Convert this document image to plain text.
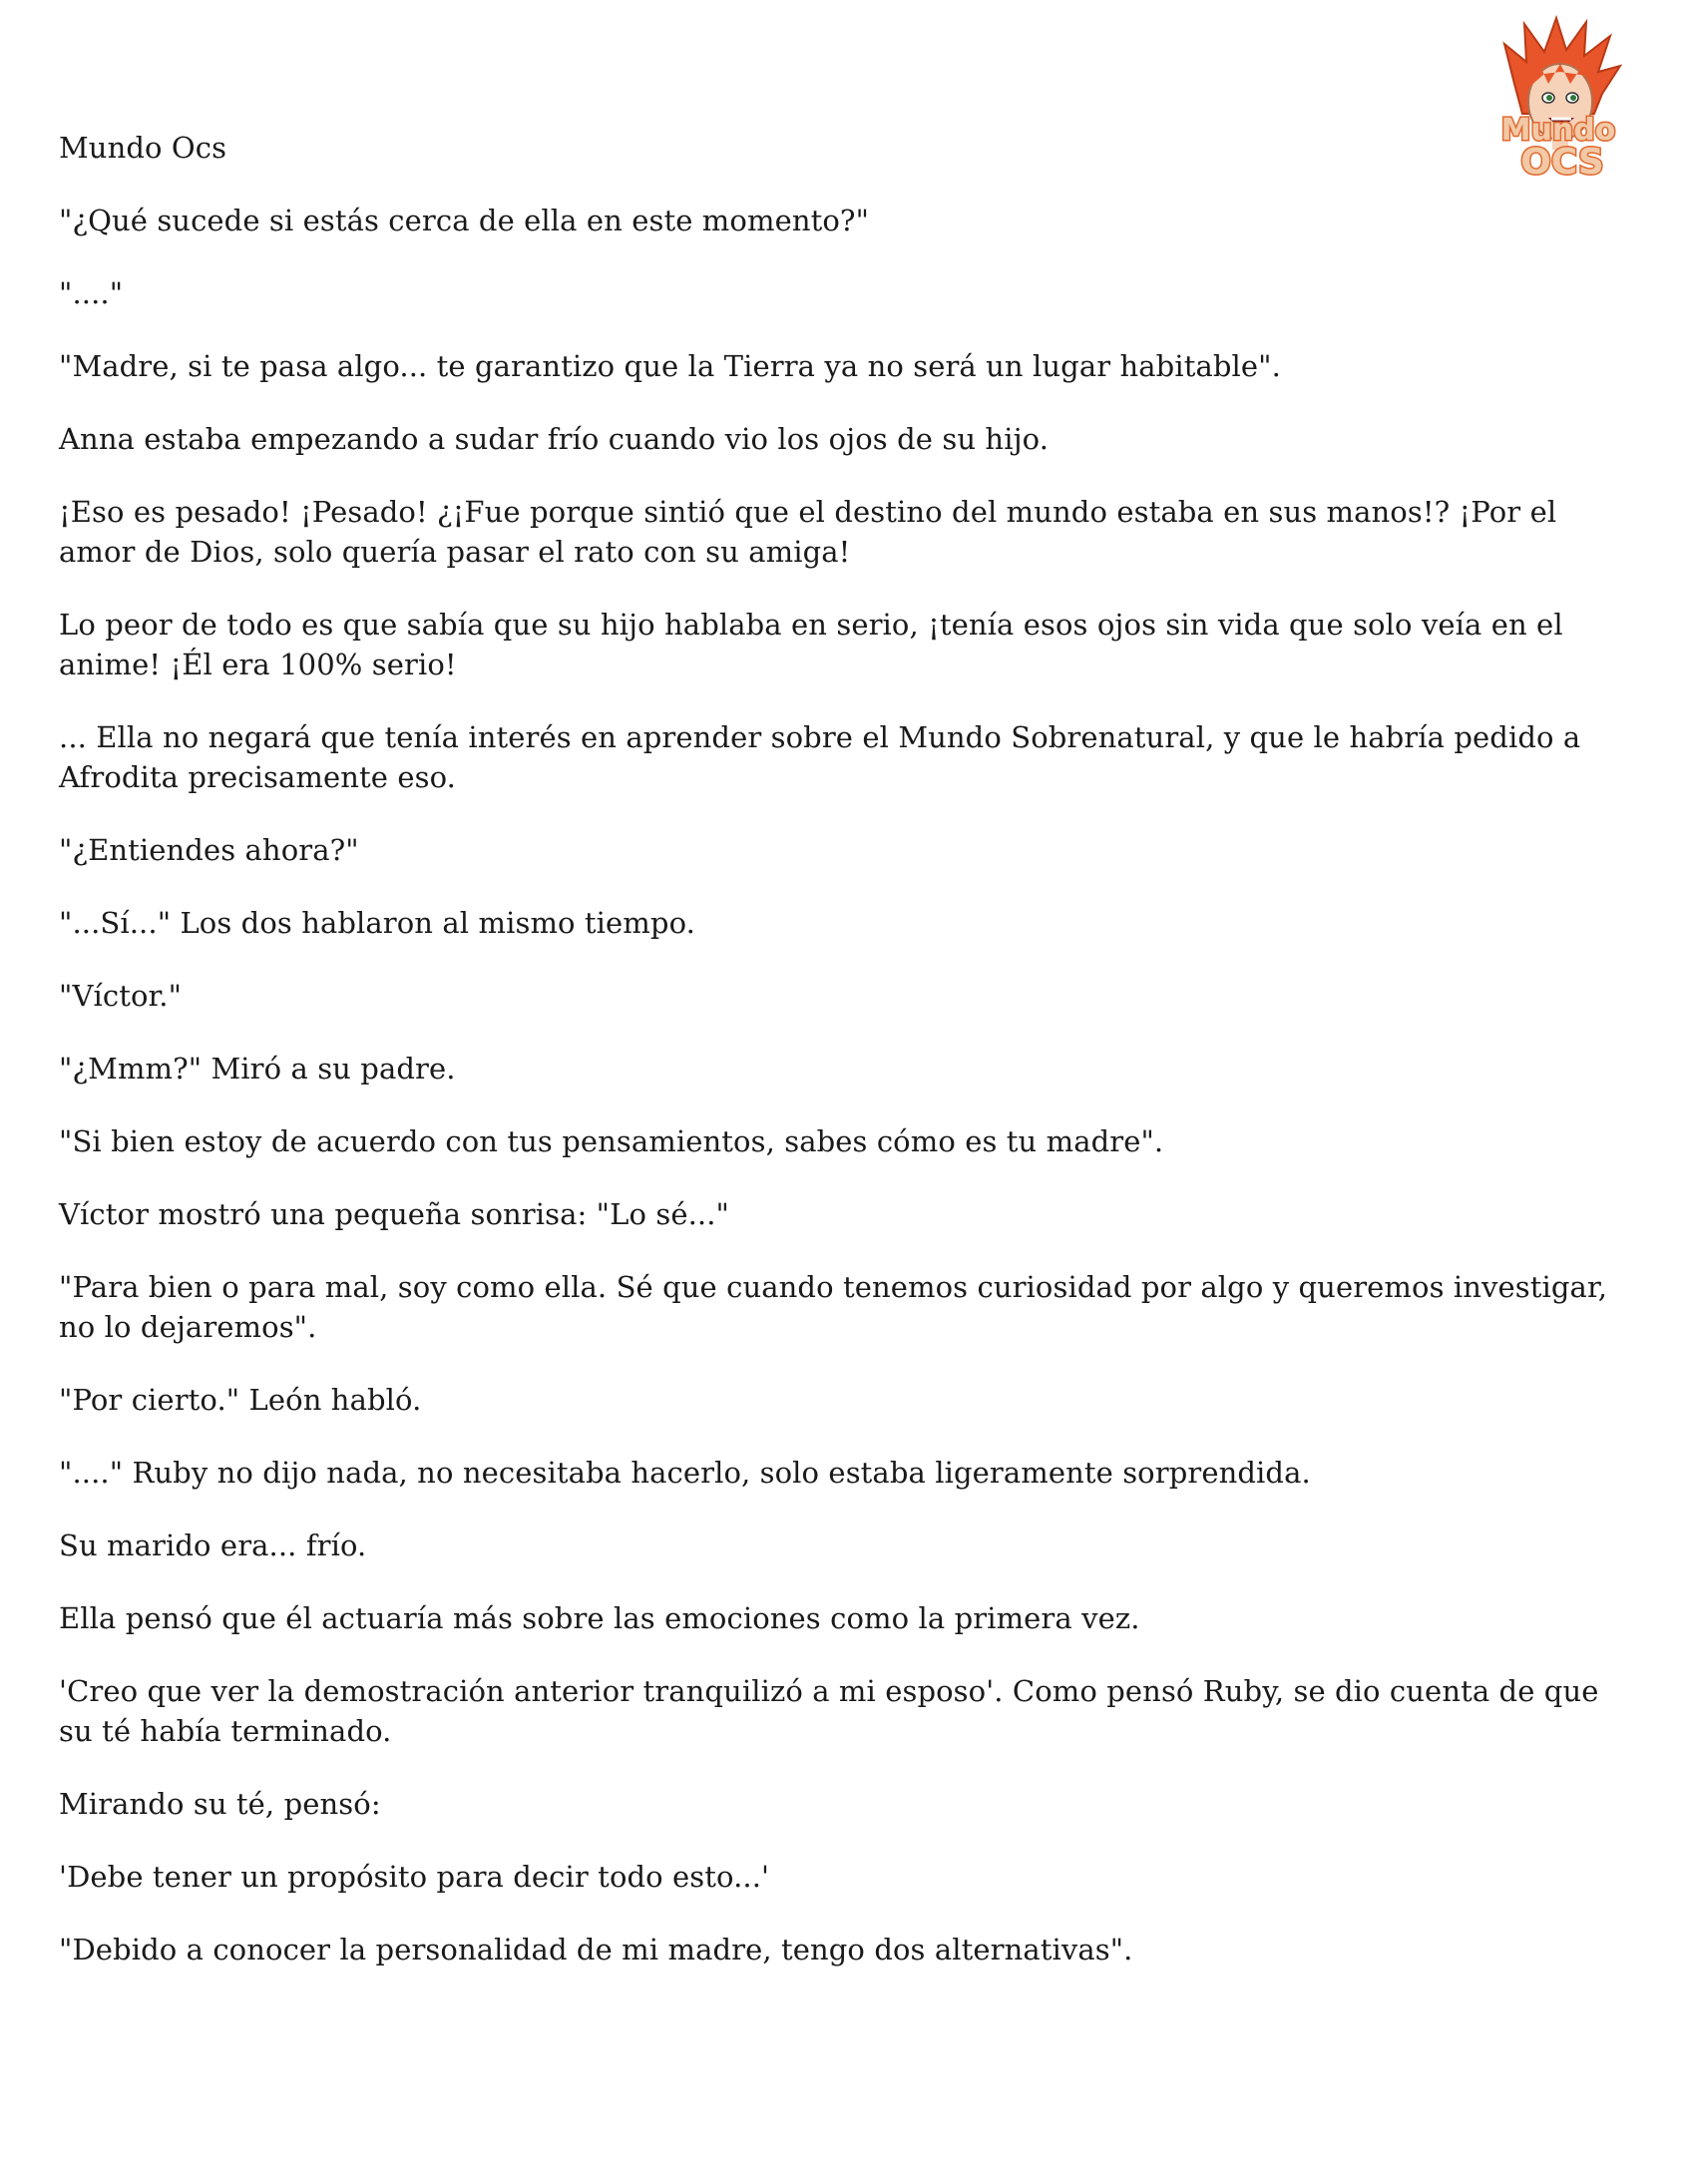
Mundo
OCS

Mundo Ocs

"¿Qué sucede si estás cerca de ella en este momento?"

"...."

"Madre, si te pasa algo... te garantizo que la Tierra ya no será un lugar habitable".

Anna estaba empezando a sudar frío cuando vio los ojos de su hijo.

¡Eso es pesado! ¡Pesado! ¿¡Fue porque sintió que el destino del mundo estaba en sus manos!? ¡Por el amor de Dios, solo quería pasar el rato con su amiga!

Lo peor de todo es que sabía que su hijo hablaba en serio, ¡tenía esos ojos sin vida que solo veía en el anime! ¡Él era 100% serio!

... Ella no negará que tenía interés en aprender sobre el Mundo Sobrenatural, y que le habría pedido a Afrodita precisamente eso.

"¿Entiendes ahora?"

"...Sí..." Los dos hablaron al mismo tiempo.

"Víctor."

"¿Mmm?" Miró a su padre.

"Si bien estoy de acuerdo con tus pensamientos, sabes cómo es tu madre".

Víctor mostró una pequeña sonrisa: "Lo sé..."

"Para bien o para mal, soy como ella. Sé que cuando tenemos curiosidad por algo y queremos investigar, no lo dejaremos".

"Por cierto." León habló.

"...." Ruby no dijo nada, no necesitaba hacerlo, solo estaba ligeramente sorprendida.

Su marido era... frío.

Ella pensó que él actuaría más sobre las emociones como la primera vez.

'Creo que ver la demostración anterior tranquilizó a mi esposo'. Como pensó Ruby, se dio cuenta de que su té había terminado.

Mirando su té, pensó:

'Debe tener un propósito para decir todo esto...'

"Debido a conocer la personalidad de mi madre, tengo dos alternativas".
